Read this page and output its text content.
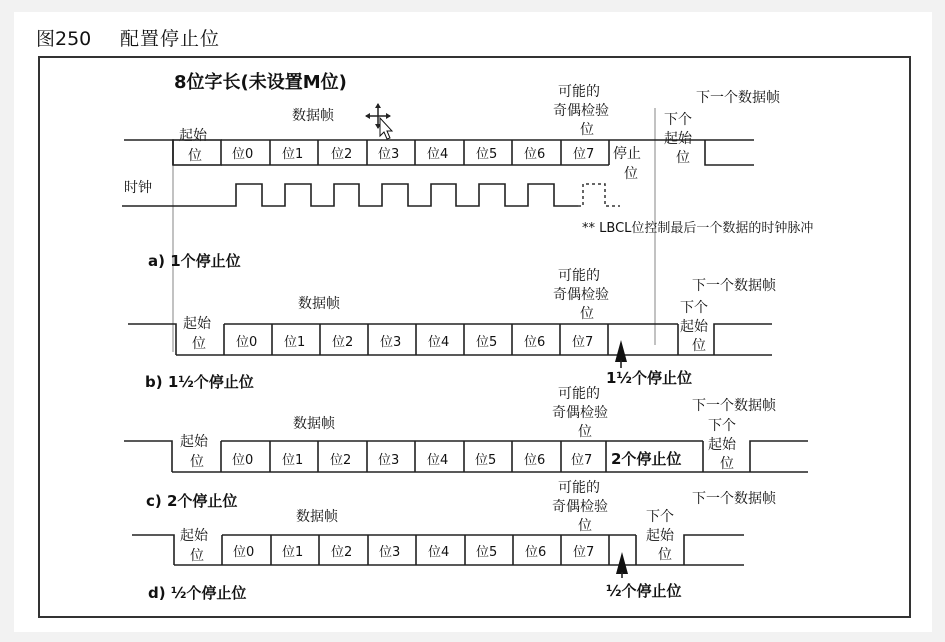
图250 配置停止位
8位字长(未设置M位)
数据帧
可能的
奇偶检验
位
下一个数据帧
下个
起始
位
起始
位	停止
位
位0 位1 位2 位3 位4 位5 位6 位7
时钟
** LBCL位控制最后一个数据的时钟脉冲
a) 1个停止位
数据帧
可能的
奇偶检验
位
下一个数据帧
下个
起始
位
起始
位 位0 位1 位2 位3 位4 位5 位6 位7
1½个停止位
b) 1½个停止位
数据帧
可能的
奇偶检验
位
下一个数据帧
下个
起始
位
起始
位 位0 位1 位2 位3 位4 位5 位6 位7 2个停止位
c) 2个停止位
数据帧
可能的
奇偶检验
位
下一个数据帧
下个
起始
位
起始
位 位0 位1 位2 位3 位4 位5 位6 位7
½个停止位
d) ½个停止位
